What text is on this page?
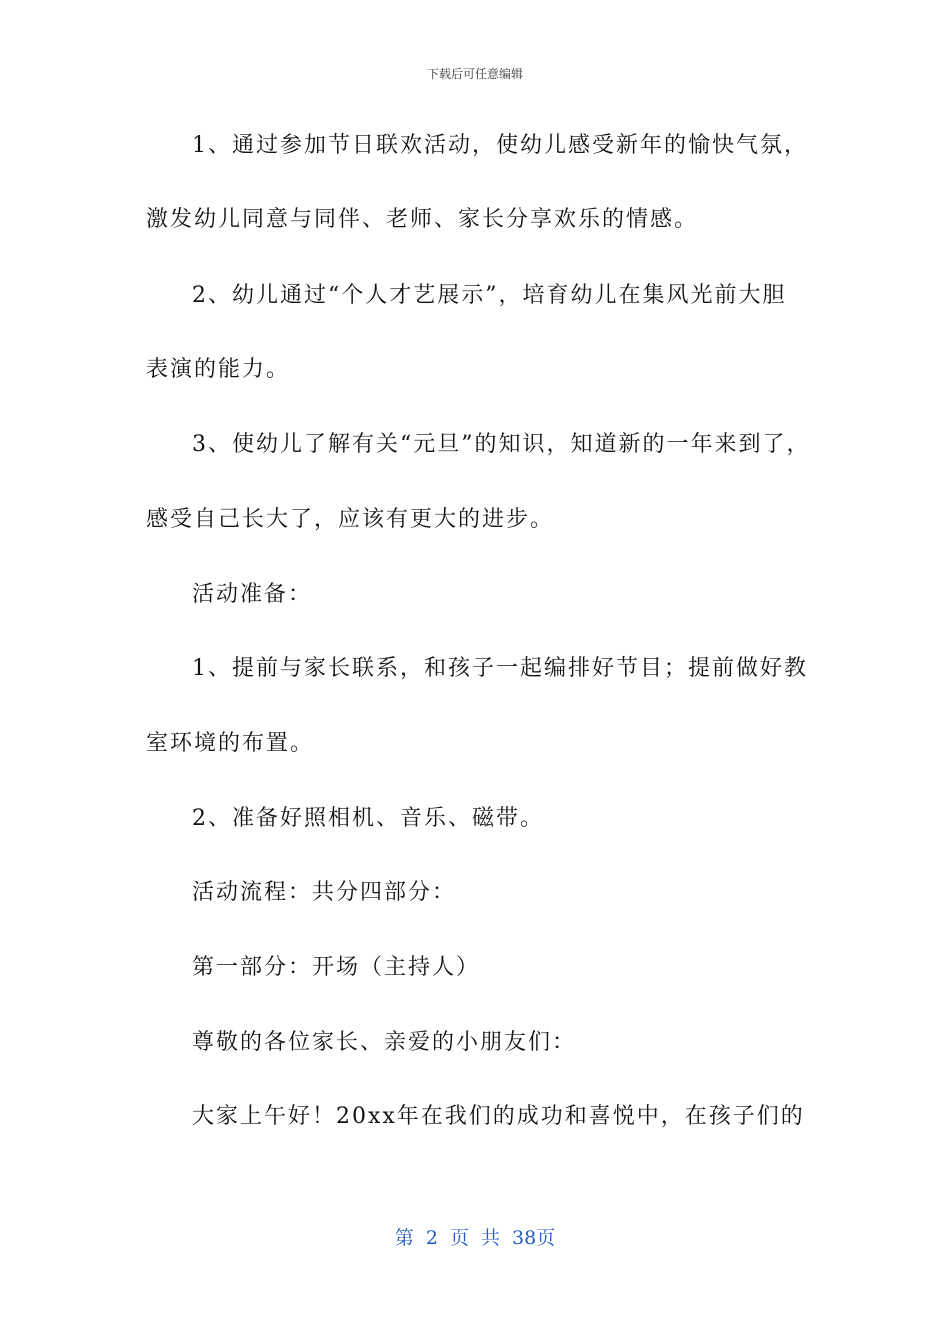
下载后可任意编辑
1、通过参加节日联欢活动，使幼儿感受新年的愉快气氛，
激发幼儿同意与同伴、老师、家长分享欢乐的情感。
2、幼儿通过“个人才艺展示”，培育幼儿在集风光前大胆
表演的能力。
3、使幼儿了解有关“元旦”的知识，知道新的一年来到了，
感受自己长大了，应该有更大的进步。
活动准备：
1、提前与家长联系，和孩子一起编排好节目；提前做好教
室环境的布置。
2、准备好照相机、音乐、磁带。
活动流程：共分四部分：
第一部分：开场（主持人）
尊敬的各位家长、亲爱的小朋友们：
大家上午好！20xx年在我们的成功和喜悦中，在孩子们的
第 2 页 共 38页
